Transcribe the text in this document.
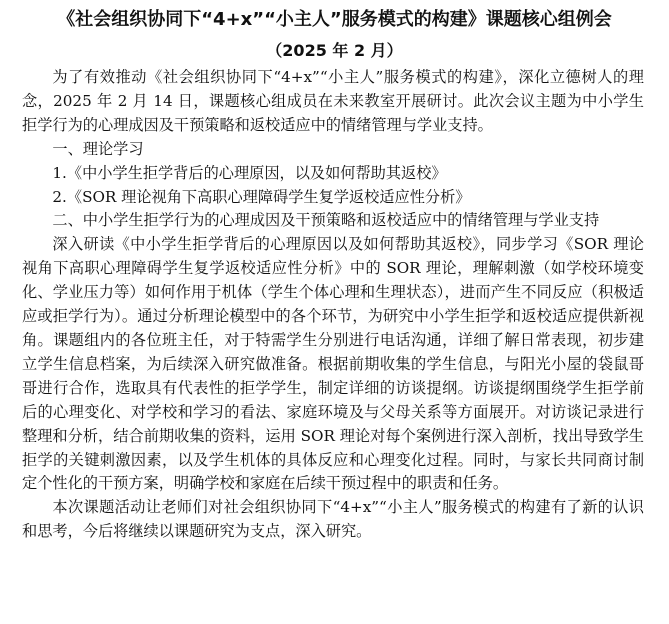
《社会组织协同下“4+x”“小主人”服务模式的构建》课题核心组例会
（2025 年 2 月）

为了有效推动《社会组织协同下“4+x”“小主人”服务模式的构建》，深化立德树人的理念，2025 年 2 月 14 日，课题核心组成员在未来教室开展研讨。此次会议主题为中小学生拒学行为的心理成因及干预策略和返校适应中的情绪管理与学业支持。

一、理论学习

1.《中小学生拒学背后的心理原因，以及如何帮助其返校》

2.《SOR 理论视角下高职心理障碍学生复学返校适应性分析》

二、中小学生拒学行为的心理成因及干预策略和返校适应中的情绪管理与学业支持

深入研读《中小学生拒学背后的心理原因以及如何帮助其返校》，同步学习《SOR 理论视角下高职心理障碍学生复学返校适应性分析》中的 SOR 理论，理解刺激（如学校环境变化、学业压力等）如何作用于机体（学生个体心理和生理状态），进而产生不同反应（积极适应或拒学行为）。通过分析理论模型中的各个环节，为研究中小学生拒学和返校适应提供新视角。课题组内的各位班主任，对于特需学生分别进行电话沟通，详细了解日常表现，初步建立学生信息档案，为后续深入研究做准备。根据前期收集的学生信息，与阳光小屋的袋鼠哥哥进行合作，选取具有代表性的拒学学生，制定详细的访谈提纲。访谈提纲围绕学生拒学前后的心理变化、对学校和学习的看法、家庭环境及与父母关系等方面展开。对访谈记录进行整理和分析，结合前期收集的资料，运用 SOR 理论对每个案例进行深入剖析，找出导致学生拒学的关键刺激因素，以及学生机体的具体反应和心理变化过程。同时，与家长共同商讨制定个性化的干预方案，明确学校和家庭在后续干预过程中的职责和任务。

本次课题活动让老师们对社会组织协同下“4+x”“小主人”服务模式的构建有了新的认识和思考，今后将继续以课题研究为支点，深入研究。
